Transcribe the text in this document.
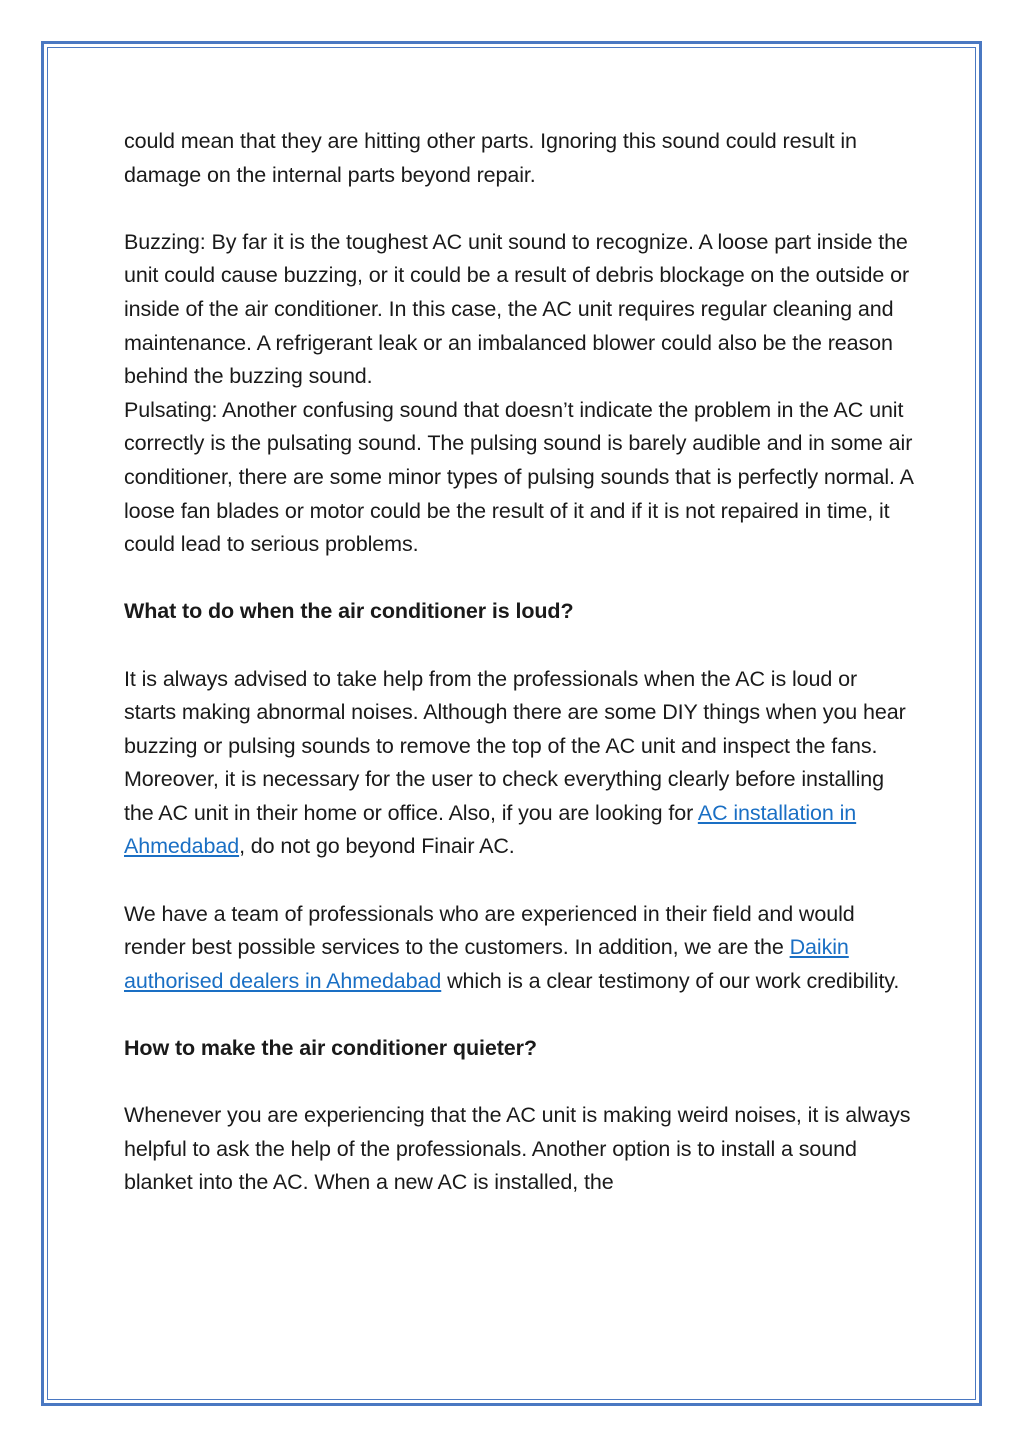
could mean that they are hitting other parts. Ignoring this sound could result in damage on the internal parts beyond repair.

Buzzing: By far it is the toughest AC unit sound to recognize. A loose part inside the unit could cause buzzing, or it could be a result of debris blockage on the outside or inside of the air conditioner. In this case, the AC unit requires regular cleaning and maintenance. A refrigerant leak or an imbalanced blower could also be the reason behind the buzzing sound.

Pulsating: Another confusing sound that doesn’t indicate the problem in the AC unit correctly is the pulsating sound. The pulsing sound is barely audible and in some air conditioner, there are some minor types of pulsing sounds that is perfectly normal. A loose fan blades or motor could be the result of it and if it is not repaired in time, it could lead to serious problems.

What to do when the air conditioner is loud?

It is always advised to take help from the professionals when the AC is loud or starts making abnormal noises. Although there are some DIY things when you hear buzzing or pulsing sounds to remove the top of the AC unit and inspect the fans. Moreover, it is necessary for the user to check everything clearly before installing the AC unit in their home or office. Also, if you are looking for AC installation in Ahmedabad, do not go beyond Finair AC.

We have a team of professionals who are experienced in their field and would render best possible services to the customers. In addition, we are the Daikin authorised dealers in Ahmedabad which is a clear testimony of our work credibility.

How to make the air conditioner quieter?

Whenever you are experiencing that the AC unit is making weird noises, it is always helpful to ask the help of the professionals. Another option is to install a sound blanket into the AC. When a new AC is installed, the
